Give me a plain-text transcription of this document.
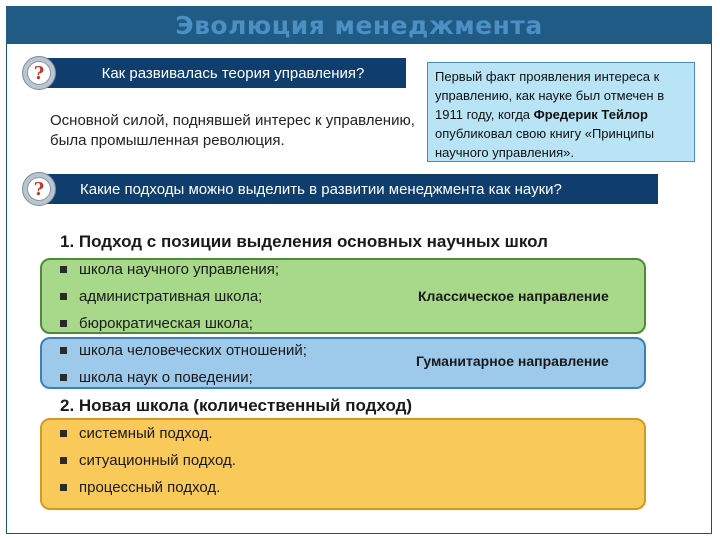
Эволюция менеджмента
Как развивалась теория управления?
?
Основной силой, поднявшей интерес к управлению, была промышленная революция.
Первый факт проявления интереса к управлению, как науке был отмечен в 1911 году, когда Фредерик Тейлор опубликовал свою книгу «Принципы научного управления».
Какие подходы можно выделить в развитии менеджмента как науки?
?
1. Подход с позиции выделения основных научных школ
школа научного управления;
административная школа;
бюрократическая школа;
Классическое направление
школа человеческих отношений;
школа наук о поведении;
Гуманитарное направление
2. Новая школа (количественный подход)
системный подход.
ситуационный подход.
процессный подход.
